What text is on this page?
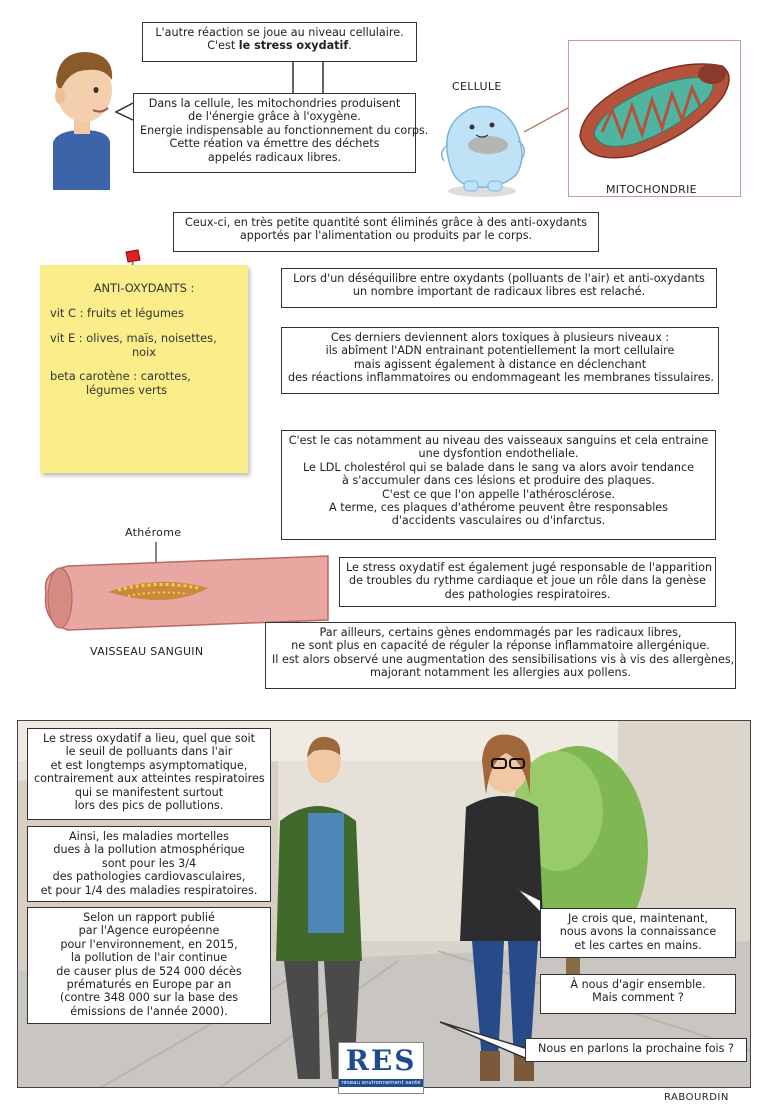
L'autre réaction se joue au niveau cellulaire.
C'est le stress oxydatif.
Dans la cellule, les mitochondries produisent
de l'énergie grâce à l'oxygène.
Energie indispensable au fonctionnement du corps.
Cette réation va émettre des déchets
appelés radicaux libres.
CELLULE
MITOCHONDRIE
Ceux-ci, en très petite quantité sont éliminés grâce à des anti-oxydants
apportés par l'alimentation ou produits par le corps.
ANTI-OXYDANTS :
vit C : fruits et légumes
vit E : olives, maïs, noisettes,
noix
beta carotène : carottes,
légumes verts
Lors d'un déséquilibre entre oxydants (polluants de l'air) et anti-oxydants
un nombre important de radicaux libres est relaché.
Ces derniers deviennent alors toxiques à plusieurs niveaux :
ils abîment l'ADN entrainant potentiellement la mort cellulaire
mais agissent également à distance en déclenchant
des réactions inflammatoires ou endommageant les membranes tissulaires.
C'est le cas notamment au niveau des vaisseaux sanguins et cela entraine
une dysfontion endotheliale.
Le LDL cholestérol qui se balade dans le sang va alors avoir tendance
à s'accumuler dans ces lésions et produire des plaques.
C'est ce que l'on appelle l'athérosclérose.
A terme, ces plaques d'athérome peuvent être responsables
d'accidents vasculaires ou d'infarctus.
Athérome
VAISSEAU SANGUIN
Le stress oxydatif est également jugé responsable de l'apparition
de troubles du rythme cardiaque et joue un rôle dans la genèse
des pathologies respiratoires.
Par ailleurs, certains gènes endommagés par les radicaux libres,
ne sont plus en capacité de réguler la réponse inflammatoire allergénique.
Il est alors observé une augmentation des sensibilisations vis à vis des allergènes,
majorant notamment les allergies aux pollens.
Le stress oxydatif a lieu, quel que soit
le seuil de polluants dans l'air
et est longtemps asymptomatique,
contrairement aux atteintes respiratoires
qui se manifestent surtout
lors des pics de pollutions.
Ainsi, les maladies mortelles
dues à la pollution atmosphérique
sont pour les 3/4
des pathologies cardiovasculaires,
et pour 1/4 des maladies respiratoires.
Selon un rapport publié
par l'Agence européenne
pour l'environnement, en 2015,
la pollution de l'air continue
de causer plus de 524 000 décès
prématurés en Europe par an
(contre 348 000 sur la base des
émissions de l'année 2000).
Je crois que, maintenant,
nous avons la connaissance
et les cartes en mains.
À nous d'agir ensemble.
Mais comment ?
Nous en parlons la prochaine fois ?
RES
réseau environnement santé
RABOURDIN
